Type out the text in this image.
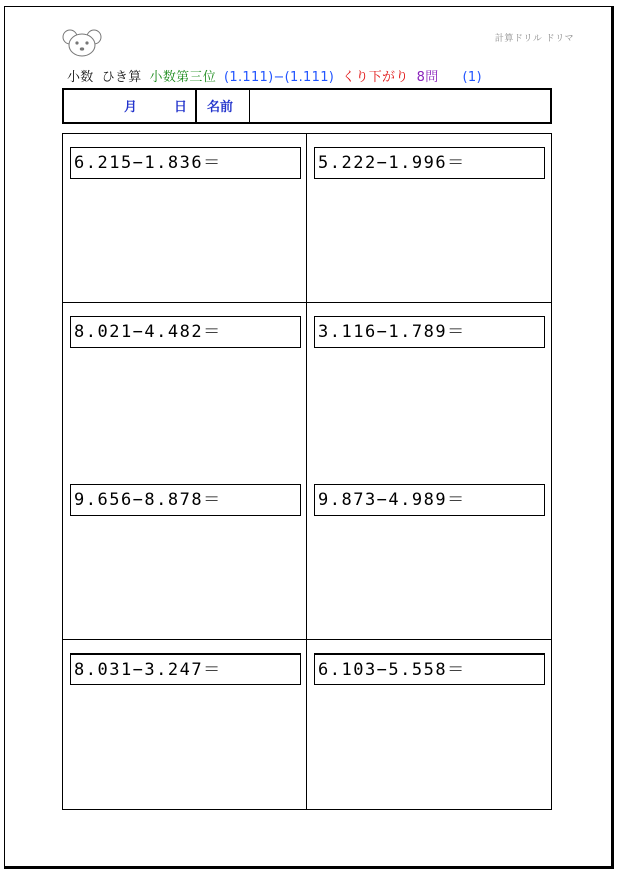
計算ドリル ドリマ
小数 ひき算 小数第三位 (1.111)−(1.111) くり下がり 8問 (1)
月	日	名前
6.215−1.836＝	5.222−1.996＝
8.021−4.482＝	3.116−1.789＝
9.656−8.878＝	9.873−4.989＝
8.031−3.247＝	6.103−5.558＝
